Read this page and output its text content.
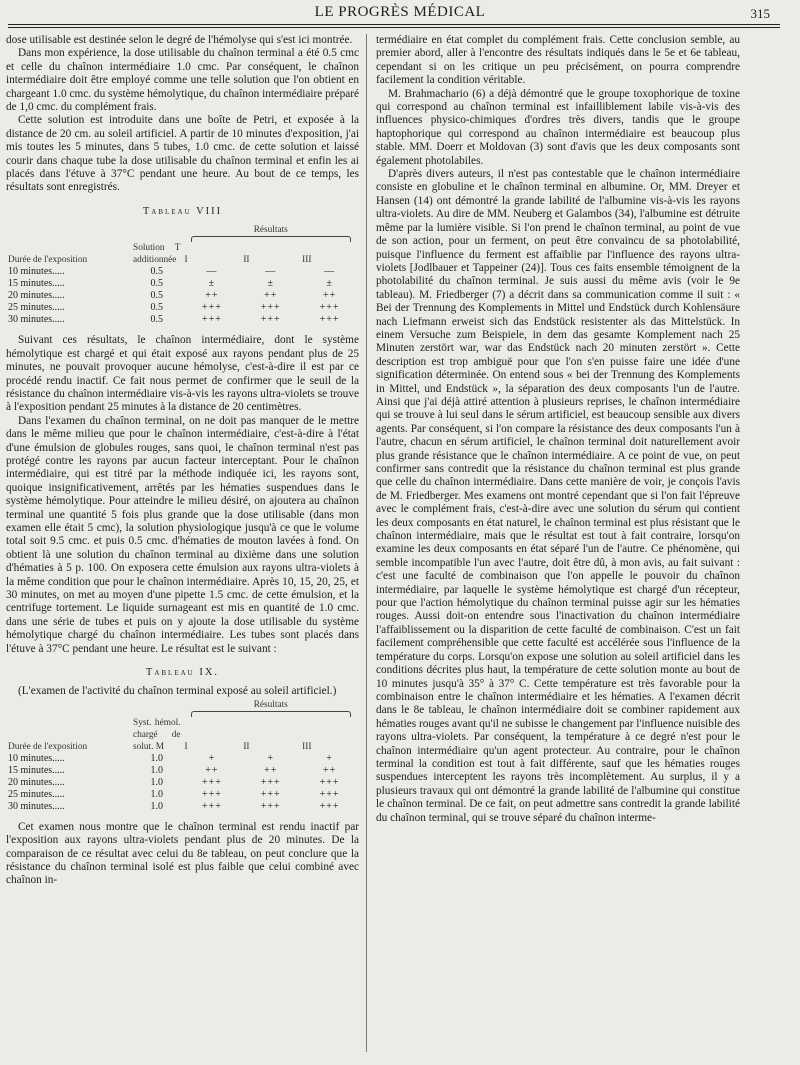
LE PROGRÈS MÉDICAL	315

dose utilisable est destinée selon le degré de l'hémolyse qui s'est ici montrée.

Dans mon expérience, la dose utilisable du chaînon terminal a été 0.5 cmc et celle du chaînon intermédiaire 1.0 cmc. Par conséquent, le chaînon intermédiaire doit être employé comme une telle solution que l'on obtient en chargeant 1.0 cmc. du système hémolytique, du chaînon intermédiaire préparé de 1,0 cmc. du complément frais.

Cette solution est introduite dans une boîte de Petri, et exposée à la distance de 20 cm. au soleil artificiel. A partir de 10 minutes d'exposition, j'ai mis toutes les 5 minutes, dans 5 tubes, 1.0 cmc. de cette solution et laissé courir dans chaque tube la dose utilisable du chaînon terminal et enfin les ai placés dans l'étuve à 37°C pendant une heure. Au bout de ce temps, les résultats sont enregistrés.

Tableau VIII

		Résultats		

Durée de l'exposition	Solution T additionnée	I	II	III
10 minutes.....	0.5	—	—	—
15 minutes.....	0.5	±	±	±
20 minutes.....	0.5	++	++	++
25 minutes.....	0.5	+++	+++	+++
30 minutes.....	0.5	+++	+++	+++

Suivant ces résultats, le chaînon intermédiaire, dont le système hémolytique est chargé et qui était exposé aux rayons pendant plus de 25 minutes, ne pouvait provoquer aucune hémolyse, c'est-à-dire il est par ce procédé rendu inactif. Ce fait nous permet de confirmer que le seuil de la résistance du chaînon intermédiaire vis-à-vis les rayons ultra-violets se trouve à l'exposition pendant 25 minutes à la distance de 20 centimètres.

Dans l'examen du chaînon terminal, on ne doit pas manquer de le mettre dans le même milieu que pour le chaînon intermédiaire, c'est-à-dire à l'état d'une émulsion de globules rouges, sans quoi, le chaînon terminal n'est pas protégé contre les rayons par aucun facteur interceptant. Pour le chaînon intermédiaire, qui est titré par la méthode indiquée ici, les rayons sont, quoique insignificativement, arrêtés par les hématies suspendues dans le système hémolytique. Pour atteindre le milieu désiré, on ajoutera au chaînon terminal une quantité 5 fois plus grande que la dose utilisable (dans mon examen elle était 5 cmc), la solution physiologique jusqu'à ce que le volume total soit 9.5 cmc. et puis 0.5 cmc. d'hématies de mouton lavées à fond. On obtient là une solution du chaînon terminal au dixième dans une solution d'hématies à 5 p. 100. On exposera cette émulsion aux rayons ultra-violets à la même condition que pour le chaînon intermédiaire. Après 10, 15, 20, 25, et 30 minutes, on met au moyen d'une pipette 1.5 cmc. de cette émulsion, et la centrifuge tortement. Le liquide surnageant est mis en quantité de 1.0 cmc. dans une série de tubes et puis on y ajoute la dose utilisable du système hémolytique chargé du chaînon intermédiaire. Les tubes sont placés dans l'étuve à 37°C pendant une heure. Le résultat est le suivant :

Tableau IX.

(L'examen de l'activité du chaînon terminal exposé au soleil artificiel.)

		Résultats		

Durée de l'exposition	Syst. hémol. chargé de solut. M	I	II	III
10 minutes.....	1.0	+	+	+
15 minutes.....	1.0	++	++	++
20 minutes.....	1.0	+++	+++	+++
25 minutes.....	1.0	+++	+++	+++
30 minutes.....	1.0	+++	+++	+++

Cet examen nous montre que le chaînon terminal est rendu inactif par l'exposition aux rayons ultra-violets pendant plus de 20 minutes. De la comparaison de ce résultat avec celui du 8e tableau, on peut conclure que la résistance du chaînon terminal isolé est plus faible que celui combiné avec chaînon in-

termédiaire en état complet du complément frais. Cette conclusion semble, au premier abord, aller à l'encontre des résultats indiqués dans le 5e et 6e tableau, cependant si on les critique un peu précisément, on pourra comprendre facilement la condition véritable.

M. Brahmachario (6) a déjà démontré que le groupe toxophorique de toxine qui correspond au chaînon terminal est infailliblement labile vis-à-vis des influences physico-chimiques d'ordres très divers, tandis que le groupe haptophorique qui correspond au chaînon intermédiaire est beaucoup plus stable. MM. Doerr et Moldovan (3) sont d'avis que les deux composants sont également photolabiles.

D'après divers auteurs, il n'est pas contestable que le chaînon intermédiaire consiste en globuline et le chaînon terminal en albumine. Or, MM. Dreyer et Hansen (14) ont démontré la grande labilité de l'albumine vis-à-vis les rayons ultra-violets. Au dire de MM. Neuberg et Galambos (34), l'albumine est détruite même par la lumière visible. Si l'on prend le chaînon terminal, au point de vue de son action, pour un ferment, on peut être convaincu de sa photolabilité, puisque l'influence du ferment est affaiblie par l'influence des rayons ultra-violets [Jodlbauer et Tappeiner (24)]. Tous ces faits ensemble témoignent de la photolabilité du chaînon terminal. Je suis aussi du même avis (voir le 9e tableau). M. Friedberger (7) a décrit dans sa communication comme il suit : « Bei der Trennung des Komplements in Mittel und Endstück durch Kohlensäure nach Liefmann erweist sich das Endstück resistenter als das Mittelstück. In einem Versuche zum Beispiele, in dem das gesamte Komplement nach 25 Minuten zerstört war, war das Endstück nach 20 minuten zerstört ». Cette description est trop ambiguë pour que l'on s'en puisse faire une idée d'une signification déterminée. On entend sous « bei der Trennung des Komplements in Mittel, und Endstück », la séparation des deux composants l'un de l'autre. Ainsi que j'ai déjà attiré attention à plusieurs reprises, le chaînon intermédiaire qui se trouve à lui seul dans le sérum artificiel, est beaucoup sensible aux divers agents. Par conséquent, si l'on compare la résistance des deux composants l'un à l'autre, chacun en sérum artificiel, le chaînon terminal doit naturellement avoir plus grande résistance que le chaînon intermédiaire. A ce point de vue, on peut confirmer sans contredit que la résistance du chaînon terminal est plus grande que celle du chaînon intermédiaire. Dans cette manière de voir, je conçois l'avis de M. Friedberger. Mes examens ont montré cependant que si l'on fait l'épreuve avec le complément frais, c'est-à-dire avec une solution du sérum qui contient les deux composants en état naturel, le chaînon terminal est plus résistant que le chaînon intermédiaire, mais que le résultat est tout à fait contraire, lorsqu'on examine les deux composants en état séparé l'un de l'autre. Ce phénomène, qui semble incompatible l'un avec l'autre, doit être dû, à mon avis, au fait suivant : c'est une faculté de combinaison que l'on appelle le pouvoir du chaînon intermédiaire, par laquelle le système hémolytique est chargé d'un récepteur, pour que l'action hémolytique du chaînon terminal puisse agir sur les hématies rouges. Aussi doit-on entendre sous l'inactivation du chaînon intermédiaire l'affaiblissement ou la disparition de cette faculté de combinaison. C'est un fait facilement compréhensible que cette faculté est accélérée sous l'influence de la température du corps. Lorsqu'on expose une solution au soleil artificiel dans les conditions décrites plus haut, la température de cette solution monte au bout de 10 minutes jusqu'à 35° à 37° C. Cette température est très favorable pour la combinaison entre le chaînon intermédiaire et les hématies. A l'examen décrit dans le 8e tableau, le chaînon intermédiaire doit se combiner rapidement aux hématies rouges avant qu'il ne subisse le changement par l'influence nuisible des rayons ultra-violets. Par conséquent, la température à ce degré n'est pour le chaînon intermédiaire qu'un agent protecteur. Au contraire, pour le chaînon terminal la condition est tout à fait différente, sauf que les hématies rouges suspendues interceptent les rayons très incomplètement. Au surplus, il y a plusieurs travaux qui ont démontré la grande labilité de l'albumine qui constitue le chaînon terminal. De ce fait, on peut admettre sans contredit la grande labilité du chaînon terminal, qui se trouve séparé du chaînon interme-
